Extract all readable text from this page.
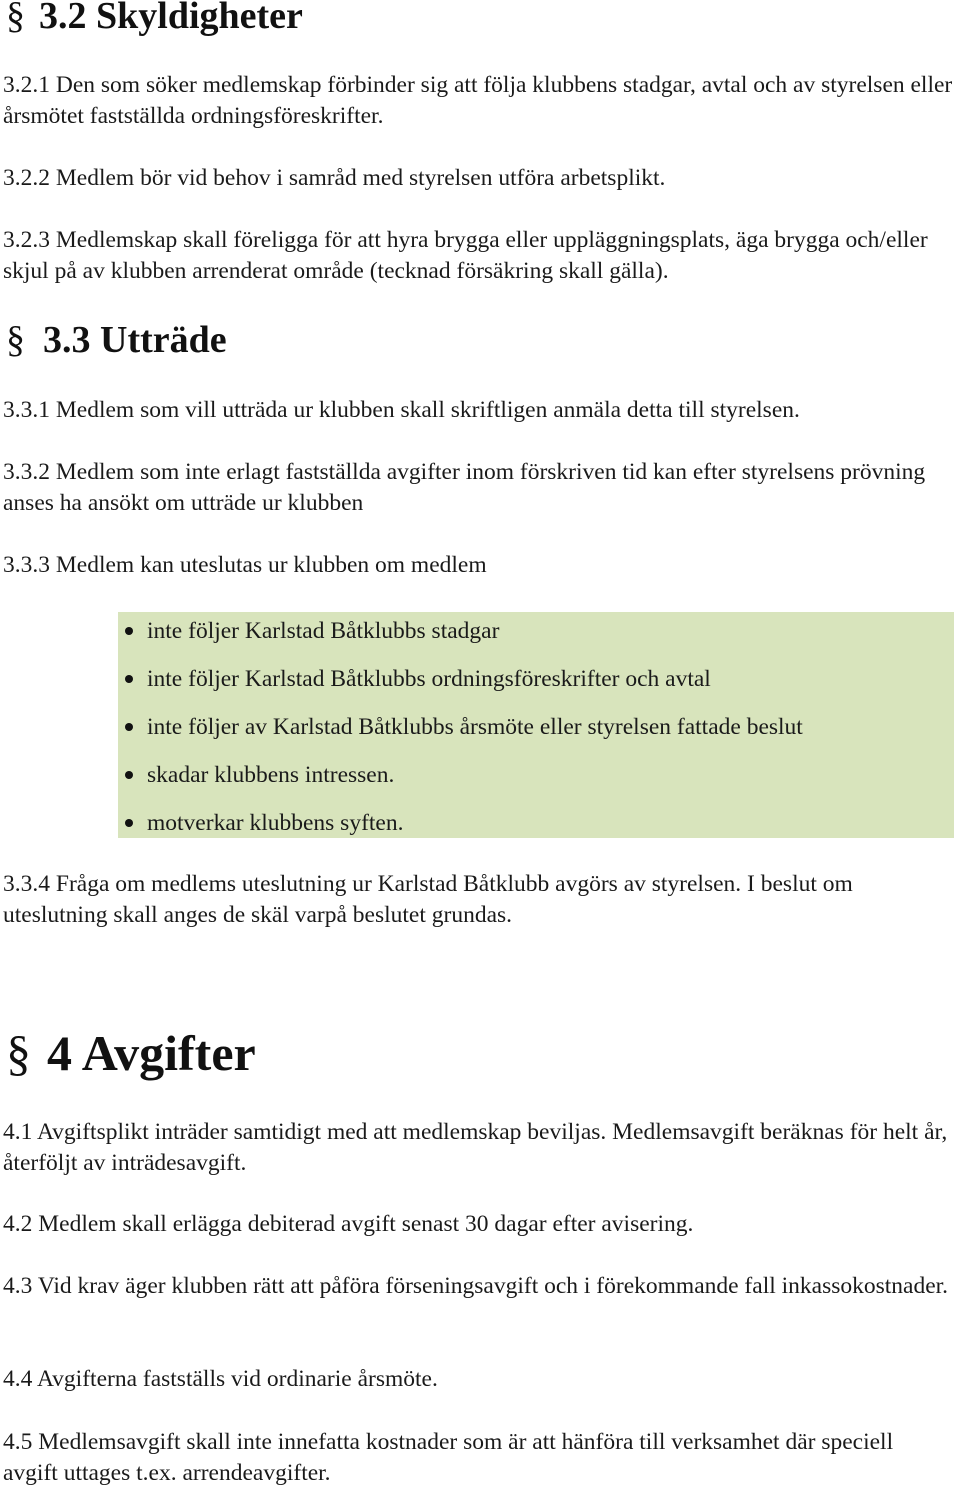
§ 3.2 Skyldigheter

3.2.1 Den som söker medlemskap förbinder sig att följa klubbens stadgar, avtal och av styrelsen eller årsmötet fastställda ordningsföreskrifter.

3.2.2 Medlem bör vid behov i samråd med styrelsen utföra arbetsplikt.

3.2.3 Medlemskap skall föreligga för att hyra brygga eller uppläggningsplats, äga brygga och/eller skjul på av klubben arrenderat område (tecknad försäkring skall gälla).

§ 3.3 Utträde

3.3.1 Medlem som vill utträda ur klubben skall skriftligen anmäla detta till styrelsen.

3.3.2 Medlem som inte erlagt fastställda avgifter inom förskriven tid kan efter styrelsens prövning anses ha ansökt om utträde ur klubben

3.3.3 Medlem kan uteslutas ur klubben om medlem

inte följer Karlstad Båtklubbs stadgar
inte följer Karlstad Båtklubbs ordningsföreskrifter och avtal
inte följer av Karlstad Båtklubbs årsmöte eller styrelsen fattade beslut
skadar klubbens intressen.
motverkar klubbens syften.

3.3.4 Fråga om medlems uteslutning ur Karlstad Båtklubb avgörs av styrelsen. I beslut om uteslutning skall anges de skäl varpå beslutet grundas.

§ 4 Avgifter

4.1 Avgiftsplikt inträder samtidigt med att medlemskap beviljas. Medlemsavgift beräknas för helt år, återföljt av inträdesavgift.

4.2 Medlem skall erlägga debiterad avgift senast 30 dagar efter avisering.

4.3 Vid krav äger klubben rätt att påföra förseningsavgift och i förekommande fall inkassokostnader.

4.4 Avgifterna fastställs vid ordinarie årsmöte.

4.5 Medlemsavgift skall inte innefatta kostnader som är att hänföra till verksamhet där speciell avgift uttages t.ex. arrendeavgifter.
